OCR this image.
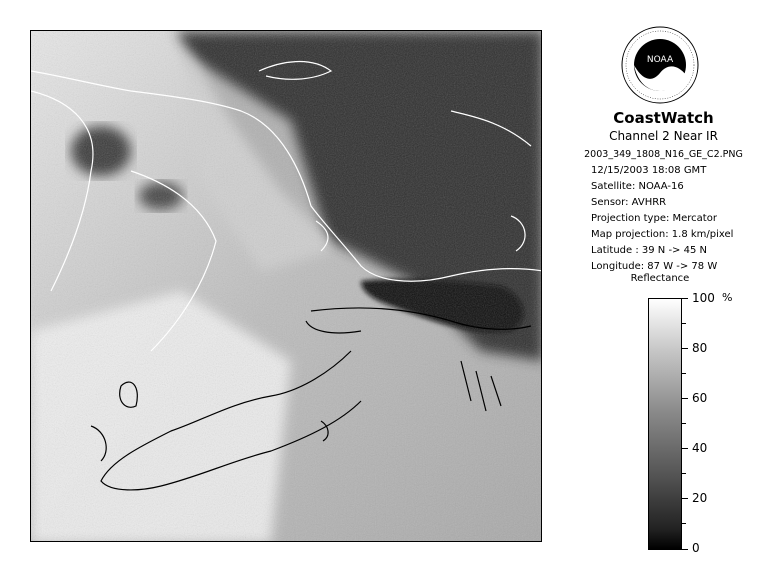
NOAA
CoastWatch
Channel 2 Near IR
2003_349_1808_N16_GE_C2.PNG
12/15/2003 18:08 GMT
Satellite: NOAA-16
Sensor: AVHRR
Projection type: Mercator
Map projection: 1.8 km/pixel
Latitude : 39 N -> 45 N
Longitude: 87 W -> 78 W
Reflectance
%
100
80
60
40
20
0
